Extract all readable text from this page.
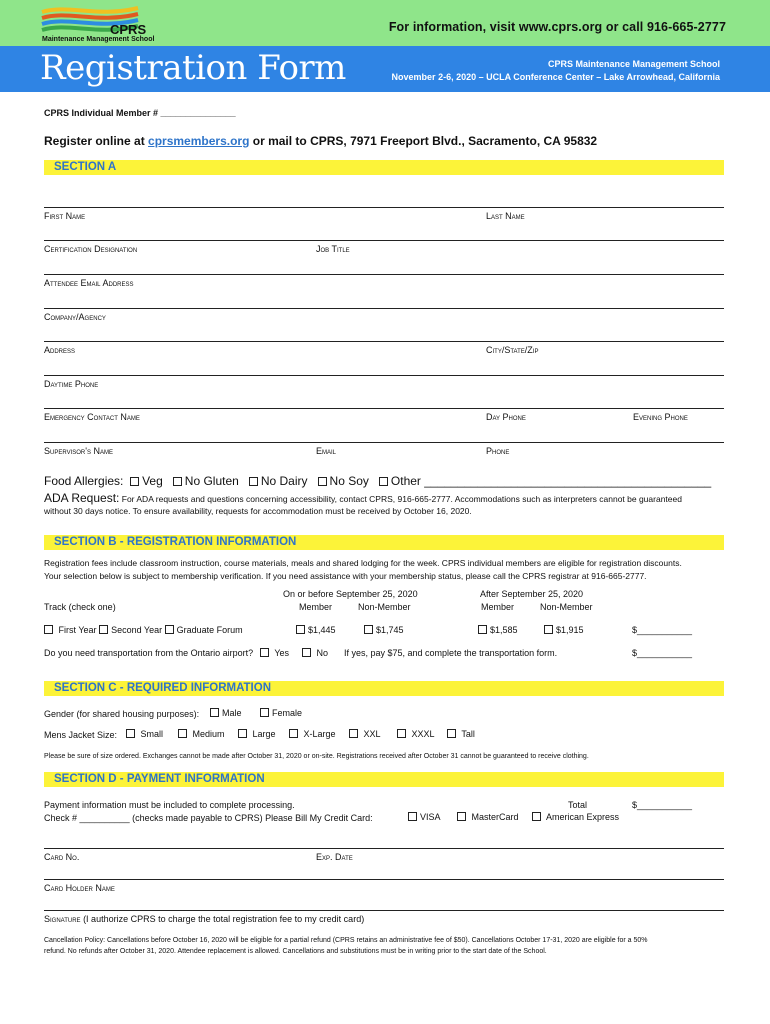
CPRS
Maintenance Management School
For information, visit www.cprs.org or call 916-665-2777
Registration Form	CPRS Maintenance Management School
November 2-6, 2020 – UCLA Conference Center – Lake Arrowhead, California
CPRS Individual Member # _______________
Register online at cprsmembers.org or mail to CPRS, 7971 Freeport Blvd., Sacramento, CA 95832
SECTION A
First Name	Last Name
Certification Designation	Job Title
Attendee Email Address
Company/Agency
Address	City/State/Zip
Daytime Phone
Emergency Contact Name	Day Phone	Evening Phone
Supervisor's Name	Email	Phone
Food Allergies: Veg No Gluten No Dairy No Soy Other ___________________________________________
ADA Request: For ADA requests and questions concerning accessibility, contact CPRS, 916-665-2777. Accommodations such as interpreters cannot be guaranteed
without 30 days notice. To ensure availability, requests for accommodation must be received by October 16, 2020.
SECTION B - REGISTRATION INFORMATION
Registration fees include classroom instruction, course materials, meals and shared lodging for the week. CPRS individual members are eligible for registration discounts.
Your selection below is subject to membership verification. If you need assistance with your membership status, please call the CPRS registrar at 916-665-2777.
On or before September 25, 2020	After September 25, 2020
Member	Non-Member	Member	Non-Member
Track (check one)
First Year Second Year Graduate Forum	$1,445	$1,745	$1,585	$1,915	$___________
Do you need transportation from the Ontario airport?	Yes	No If yes, pay $75, and complete the transportation form.	$___________
SECTION C - REQUIRED INFORMATION
Gender (for shared housing purposes):	Male	Female
Mens Jacket Size:	Small	Medium	Large	X-Large	XXL	XXXL	Tall
Please be sure of size ordered. Exchanges cannot be made after October 31, 2020 or on-site. Registrations received after October 31 cannot be guaranteed to receive clothing.
SECTION D - PAYMENT INFORMATION
Payment information must be included to complete processing.	Total	$___________
Check # __________ (checks made payable to CPRS) Please Bill My Credit Card:	VISA	MasterCard	American Express
Card No.	Exp. Date
Card Holder Name
Signature (I authorize CPRS to charge the total registration fee to my credit card)
Cancellation Policy: Cancellations before October 16, 2020 will be eligible for a partial refund (CPRS retains an administrative fee of $50). Cancellations October 17-31, 2020 are eligible for a 50%
refund. No refunds after October 31, 2020. Attendee replacement is allowed. Cancellations and substitutions must be in writing prior to the start date of the School.
